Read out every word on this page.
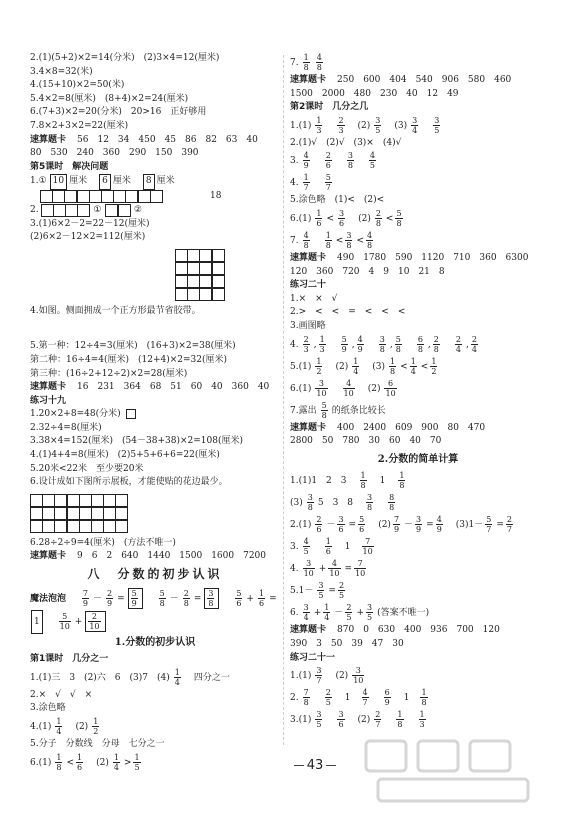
2.(1)(5+2)×2=14(分米)　(2)3×4=12(厘米)
3.4×8=32(米)
4.(15+10)×2=50(米)
5.4×2=8(厘米)　(8+4)×2=24(厘米)
6.(7+3)×2=20(分米)　20>16　正好够用
7.8×2+3×2=22(厘米)
速算题卡　 56　12　34　450　45　86　82　63　40
80　530　240　360　290　150　390
第5课时　解决问题
1.① 10 厘米　 6 厘米　 8 厘米
18
2.	①	②
3.(1)6×2－2=22－12(厘米)
(2)6×2－12×2=112(厘米)
4.如图。侧面拥成一个正方形最节省胶带。
5.第一种：12÷4=3(厘米)　(16+3)×2=38(厘米)
第二种：16÷4=4(厘米)　(12+4)×2=32(厘米)
第三种：(16÷2+12÷2)×2=28(厘米)
速算题卡　 16　231　364　68　51　60　40　360　40
练习十九
1.20×2+8=48(分米)
2.32÷4=8(厘米)
3.38×4=152(厘米)　(54－38+38)×2=108(厘米)
4.(1)4+4=8(厘米)　(2)5+5+6+6=22(厘米)
5.20米<22米　至少要20米
6.设计成如下图所示展板，才能使贴的花边最少。
6.28÷2÷9=4(厘米)　(方法不唯一)
速算题卡　 9　6　2　640　1440　1500　1600　7200
八　分数的初步认识
魔法泡泡　 $\frac{7}{9} - \frac{2}{9} = \frac{5}{9}$
　 $\frac{5}{8} - \frac{2}{8} = \frac{3}{8}$
　 $\frac{5}{6} + \frac{1}{6}$ =
1 　 $\frac{5}{10} + \frac{2}{10}$
1.分数的初步认识
第1课时　几分之一
1.(1)三　3　(2)六　6　(3)7　$(4) \frac{1}{4}$ 　四分之一
2.×　√　√　×
3.涂色略
$4.(1) \frac{1}{4}$ 　$(2) \frac{1}{2}$
5.分子　分数线　分母　七分之一
$6.(1) \frac{1}{8} < \frac{1}{6}$ 　$(2) \frac{1}{4} > \frac{1}{5}$
7. $\frac{1}{8} \frac{4}{8}$
速算题卡　 250　600　404　540　906　580　460
1500　2000　480　230　40　12　49
第2课时　几分之几
$1.(1) \frac{1}{3}$
　 $\frac{2}{3}$ 　$(2) \frac{3}{5}$ 　$(3) \frac{3}{4}$
　 $\frac{3}{5}$
2.(1)√　(2)√　(3)×　(4)√
3. $\frac{4}{9}$
　 $\frac{2}{6}$
　 $\frac{3}{8}$
　 $\frac{4}{5}$
4. $\frac{1}{7}$
　 $\frac{5}{7}$
5.涂色略　(1)<　(2)<
$6.(1) \frac{1}{6} < \frac{3}{6}$ 　$(2) \frac{2}{8} < \frac{5}{8}$
7. $\frac{4}{8}$
　 $\frac{1}{8} < \frac{3}{8} < \frac{4}{8}$
速算题卡　 490　1780　590　1120　710　360　6300
120　360　720　4　9　10　21　8
练习二十
1.×　×　√
2.>　<　<　=　<　<　<
3.画图略
4. $\frac{2}{3}$ , $\frac{1}{3}$
　 $\frac{5}{9}$ , $\frac{4}{9}$
　 $\frac{3}{8}$ , $\frac{5}{8}$
　 $\frac{6}{8}$ , $\frac{2}{8}$
　 $\frac{2}{4}$ , $\frac{2}{4}$
$5.(1) \frac{1}{2}$
　 $(2) \frac{1}{4}$ 　$(3) \frac{1}{8} < \frac{1}{4} < \frac{1}{2}$
$6.(1) \frac{3}{10}$
　 $\frac{4}{10}$ 　$(2) \frac{6}{10}$
7.露出 $\frac{5}{8}$ 的纸条比较长
速算题卡　 400　2400　609　900　80　470
2800　50　780　30　60　40　70
2.分数的简单计算
1.(1)1　2　3　 $\frac{1}{8}$ 　1　 $\frac{1}{8}$
$(3) \frac{3}{8} 5$　3　8　 $\frac{3}{8}$
　 $\frac{8}{8}$
$2.(1) \frac{2}{6} - \frac{3}{6} = \frac{5}{6}$ 　$(2) \frac{7}{9} - \frac{3}{9} = \frac{4}{9}$ 　$(3)1- \frac{5}{7} = \frac{2}{7}$
3. $\frac{4}{5}$
　 $\frac{1}{6}$ 　1　 $\frac{7}{10}$
4. $\frac{3}{10} + \frac{4}{10} = \frac{7}{10}$
$5.1- \frac{3}{5} = \frac{2}{5}$
6. $\frac{3}{4} + \frac{1}{4} - \frac{2}{5} + \frac{3}{5}$ (答案不唯一)
速算题卡　 870　0　630　400　936　700　120
390　3　50　39　47　30
练习二十一
$1.(1) \frac{3}{7}$ 　$(2) \frac{3}{10}$
2. $\frac{7}{8}$
　 $\frac{2}{5}$ 　1　 $\frac{4}{7}$
　 $\frac{6}{9}$ 　1　 $\frac{1}{8}$
$3.(1) \frac{3}{5}$
　 $\frac{3}{6}$ 　$(2) \frac{2}{7}$
　 $\frac{1}{8}$
　 $\frac{1}{3}$
43
